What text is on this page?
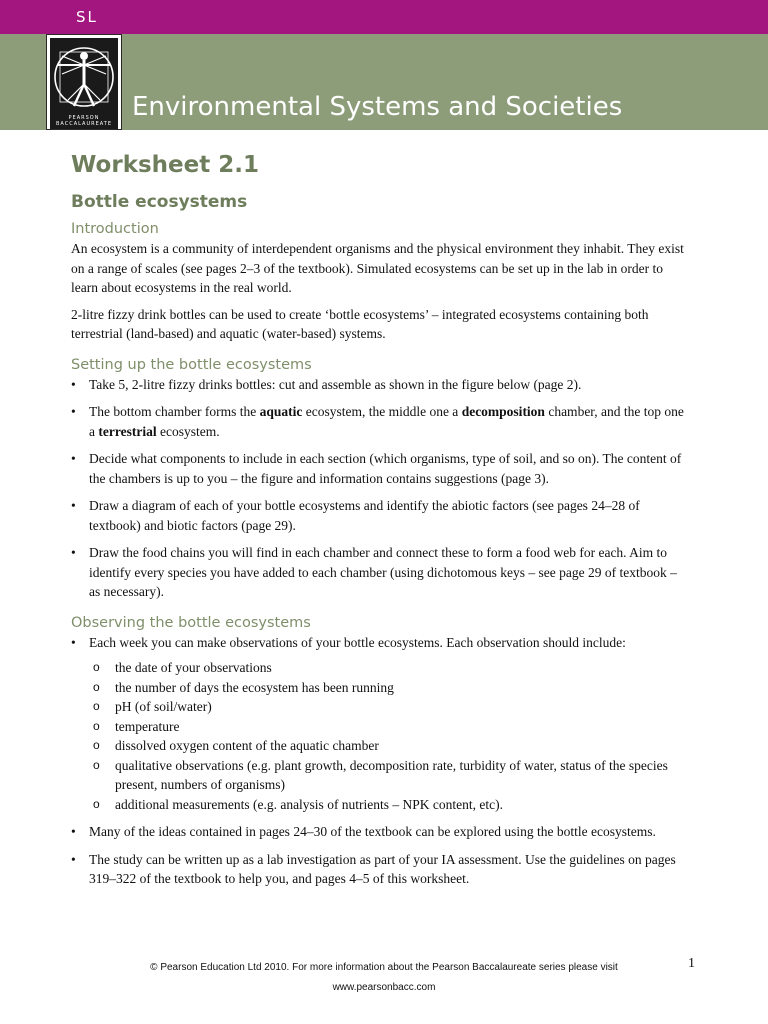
SL
Environmental Systems and Societies
PEARSON
BACCALAUREATE
Worksheet 2.1
Bottle ecosystems
Introduction

An ecosystem is a community of interdependent organisms and the physical environment they inhabit. They exist on a range of scales (see pages 2–3 of the textbook). Simulated ecosystems can be set up in the lab in order to learn about ecosystems in the real world.

2-litre fizzy drink bottles can be used to create ‘bottle ecosystems’ – integrated ecosystems containing both terrestrial (land-based) and aquatic (water-based) systems.

Setting up the bottle ecosystems
• Take 5, 2-litre fizzy drinks bottles: cut and assemble as shown in the figure below (page 2).
• The bottom chamber forms the aquatic ecosystem, the middle one a decomposition chamber, and the top one a terrestrial ecosystem.
• Decide what components to include in each section (which organisms, type of soil, and so on). The content of the chambers is up to you – the figure and information contains suggestions (page 3).
• Draw a diagram of each of your bottle ecosystems and identify the abiotic factors (see pages 24–28 of textbook) and biotic factors (page 29).
• Draw the food chains you will find in each chamber and connect these to form a food web for each. Aim to identify every species you have added to each chamber (using dichotomous keys – see page 29 of textbook – as necessary).
Observing the bottle ecosystems
• Each week you can make observations of your bottle ecosystems. Each observation should include:
o the date of your observations
o the number of days the ecosystem has been running
o pH (of soil/water)
o temperature
o dissolved oxygen content of the aquatic chamber
o qualitative observations (e.g. plant growth, decomposition rate, turbidity of water, status of the species present, numbers of organisms)
o additional measurements (e.g. analysis of nutrients – NPK content, etc).
• Many of the ideas contained in pages 24–30 of the textbook can be explored using the bottle ecosystems.
• The study can be written up as a lab investigation as part of your IA assessment. Use the guidelines on pages 319–322 of the textbook to help you, and pages 4–5 of this worksheet.
© Pearson Education Ltd 2010. For more information about the Pearson Baccalaureate series please visit
www.pearsonbacc.com
1
